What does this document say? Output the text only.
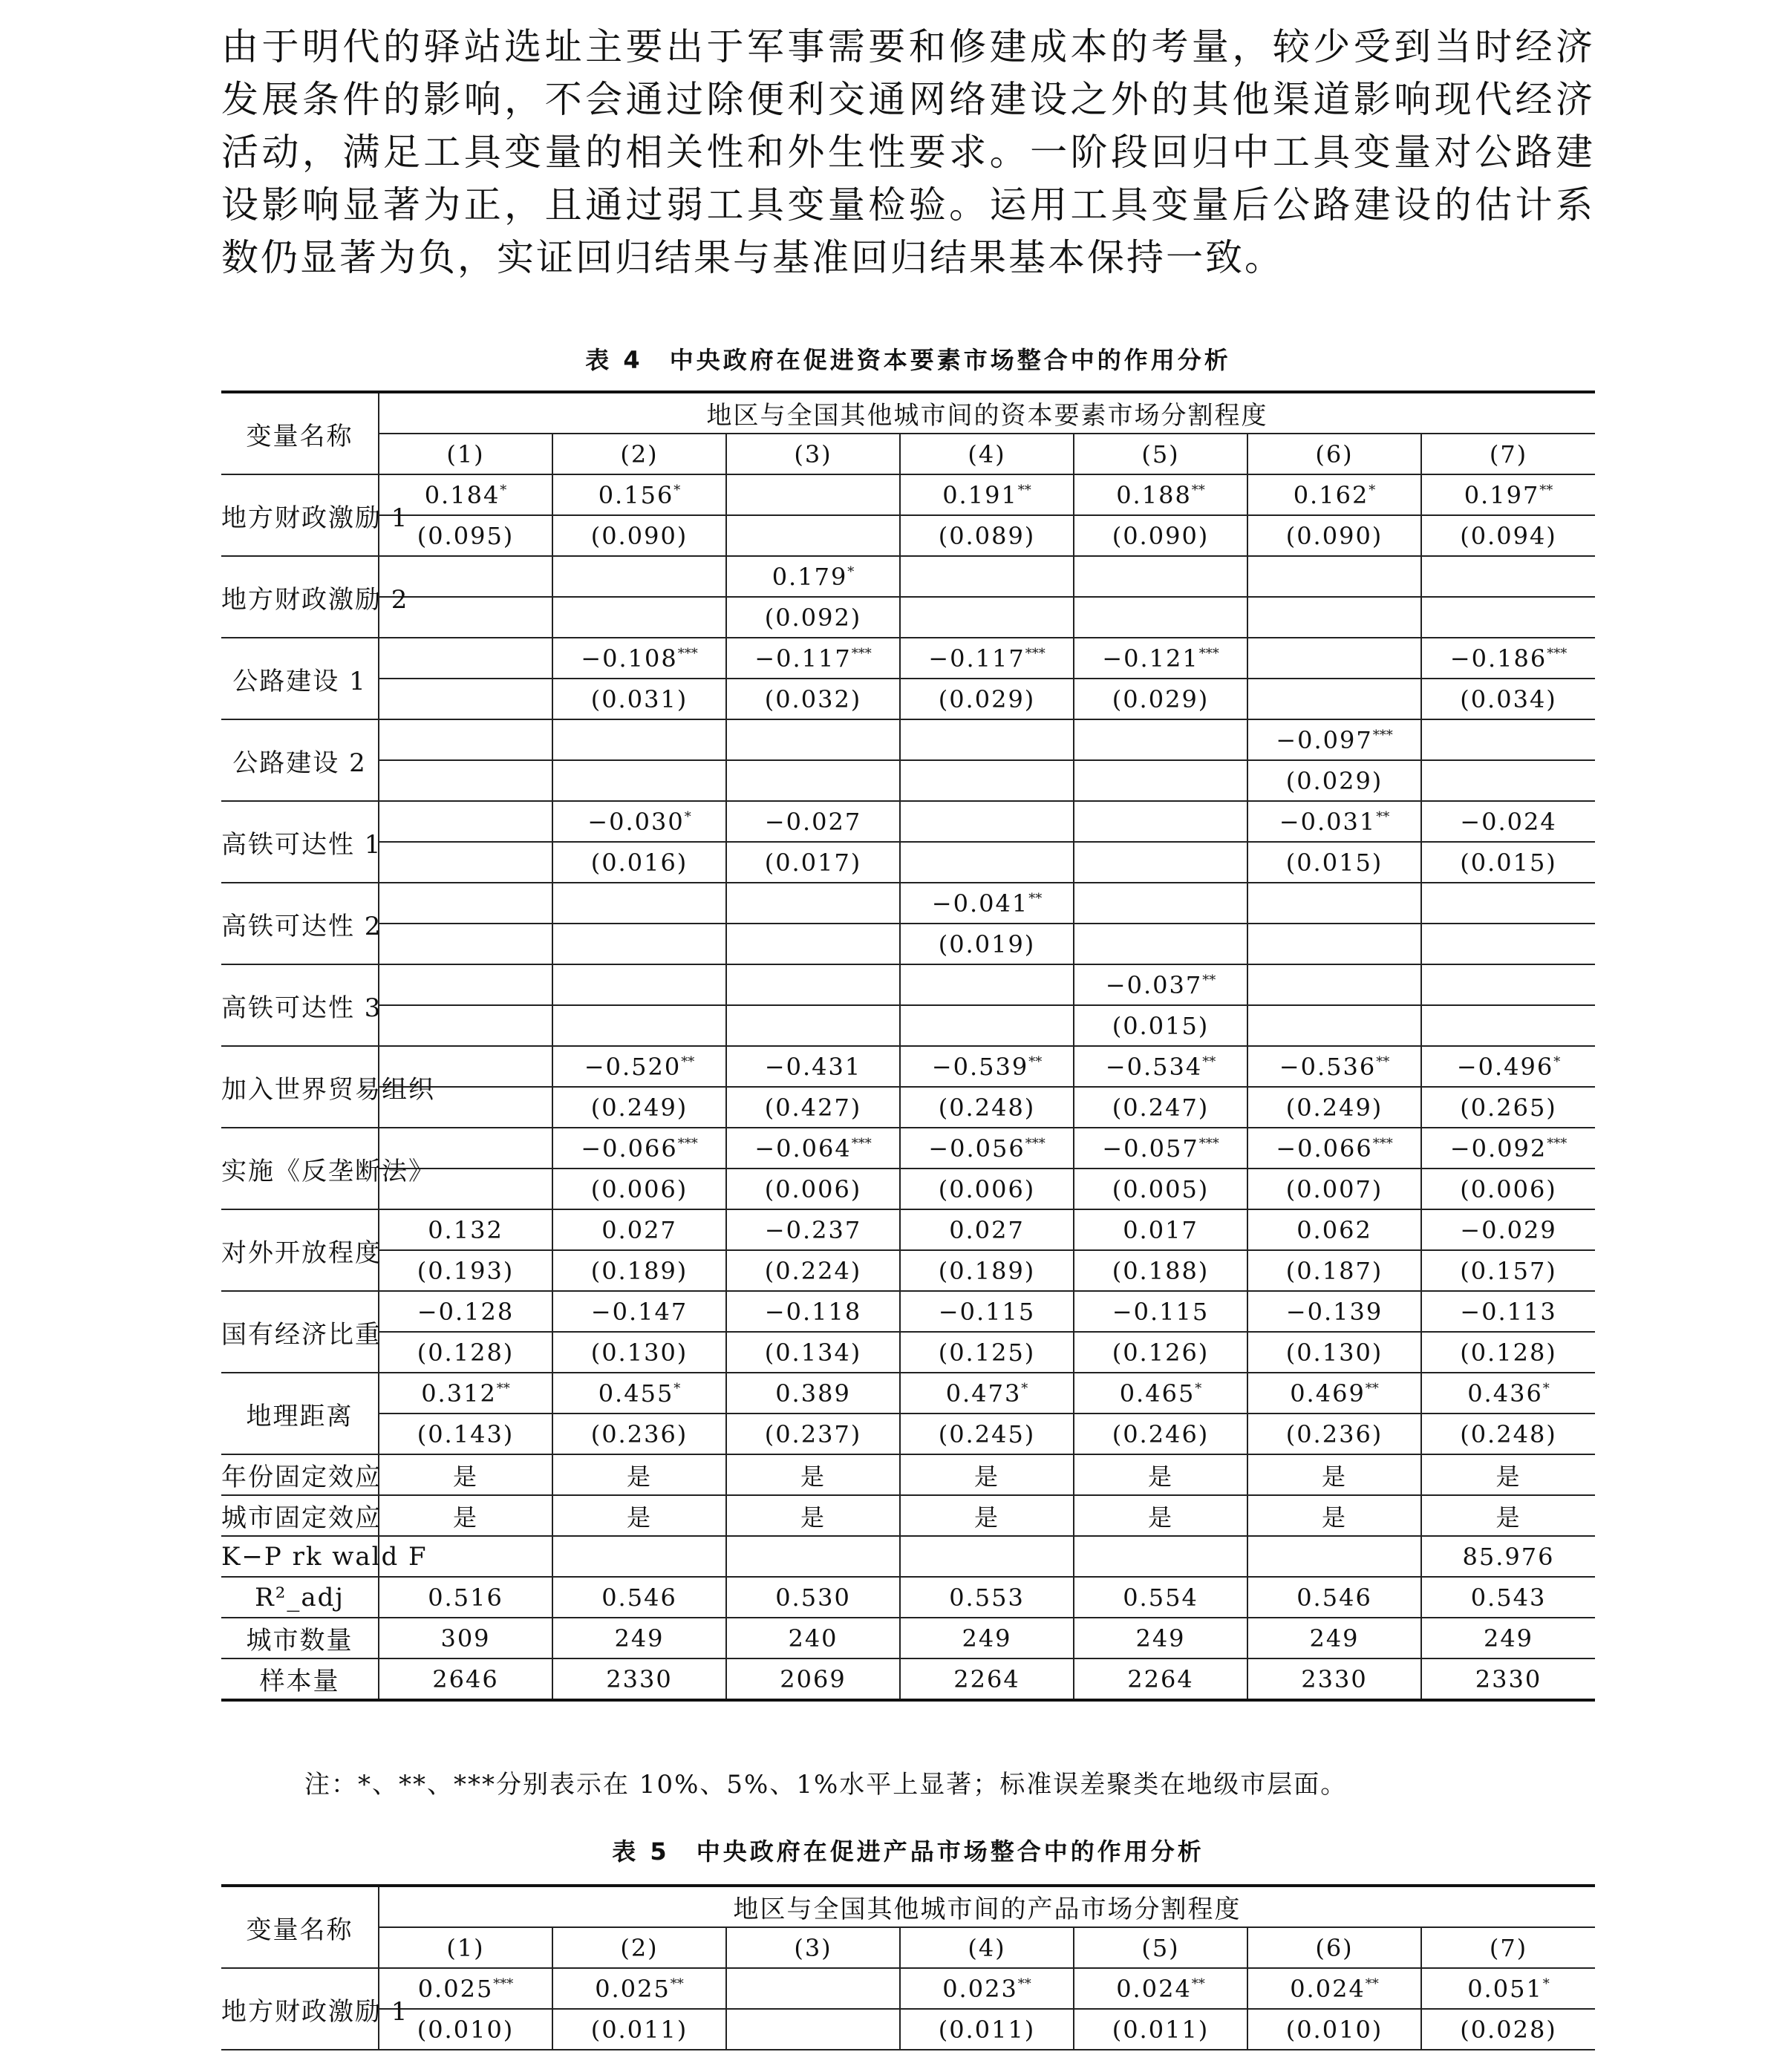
由于明代的驿站选址主要出于军事需要和修建成本的考量，较少受到当时经济发展条件的影响，不会通过除便利交通网络建设之外的其他渠道影响现代经济活动，满足工具变量的相关性和外生性要求。一阶段回归中工具变量对公路建设影响显著为正，且通过弱工具变量检验。运用工具变量后公路建设的估计系数仍显著为负，实证回归结果与基准回归结果基本保持一致。
表 4　中央政府在促进资本要素市场整合中的作用分析
变量名称	地区与全国其他城市间的资本要素市场分割程度						
	(1)	(2)	(3)	(4)	(5)	(6)	(7)
地方财政激励 1	0.184*	0.156*		0.191**	0.188**	0.162*	0.197**
	(0.095)	(0.090)		(0.089)	(0.090)	(0.090)	(0.094)
地方财政激励 2			0.179*				
			(0.092)				
公路建设 1		−0.108***	−0.117***	−0.117***	−0.121***		−0.186***
		(0.031)	(0.032)	(0.029)	(0.029)		(0.034)
公路建设 2						−0.097***	
						(0.029)	
高铁可达性 1		−0.030*	−0.027			−0.031**	−0.024
		(0.016)	(0.017)			(0.015)	(0.015)
高铁可达性 2				−0.041**			
				(0.019)			
高铁可达性 3					−0.037**		
					(0.015)		
加入世界贸易组织		−0.520**	−0.431	−0.539**	−0.534**	−0.536**	−0.496*
		(0.249)	(0.427)	(0.248)	(0.247)	(0.249)	(0.265)
实施《反垄断法》		−0.066***	−0.064***	−0.056***	−0.057***	−0.066***	−0.092***
		(0.006)	(0.006)	(0.006)	(0.005)	(0.007)	(0.006)
对外开放程度	0.132	0.027	−0.237	0.027	0.017	0.062	−0.029
	(0.193)	(0.189)	(0.224)	(0.189)	(0.188)	(0.187)	(0.157)
国有经济比重	−0.128	−0.147	−0.118	−0.115	−0.115	−0.139	−0.113
	(0.128)	(0.130)	(0.134)	(0.125)	(0.126)	(0.130)	(0.128)
地理距离	0.312**	0.455*	0.389	0.473*	0.465*	0.469**	0.436*
	(0.143)	(0.236)	(0.237)	(0.245)	(0.246)	(0.236)	(0.248)
年份固定效应	是	是	是	是	是	是	是
城市固定效应	是	是	是	是	是	是	是
K−P rk wald F							85.976
R²_adj	0.516	0.546	0.530	0.553	0.554	0.546	0.543
城市数量	309	249	240	249	249	249	249
样本量	2646	2330	2069	2264	2264	2330	2330
注：*、**、***分别表示在 10%、5%、1%水平上显著；标准误差聚类在地级市层面。
表 5　中央政府在促进产品市场整合中的作用分析
变量名称	地区与全国其他城市间的产品市场分割程度						
	(1)	(2)	(3)	(4)	(5)	(6)	(7)
地方财政激励 1	0.025***	0.025**		0.023**	0.024**	0.024**	0.051*
	(0.010)	(0.011)		(0.011)	(0.011)	(0.010)	(0.028)
